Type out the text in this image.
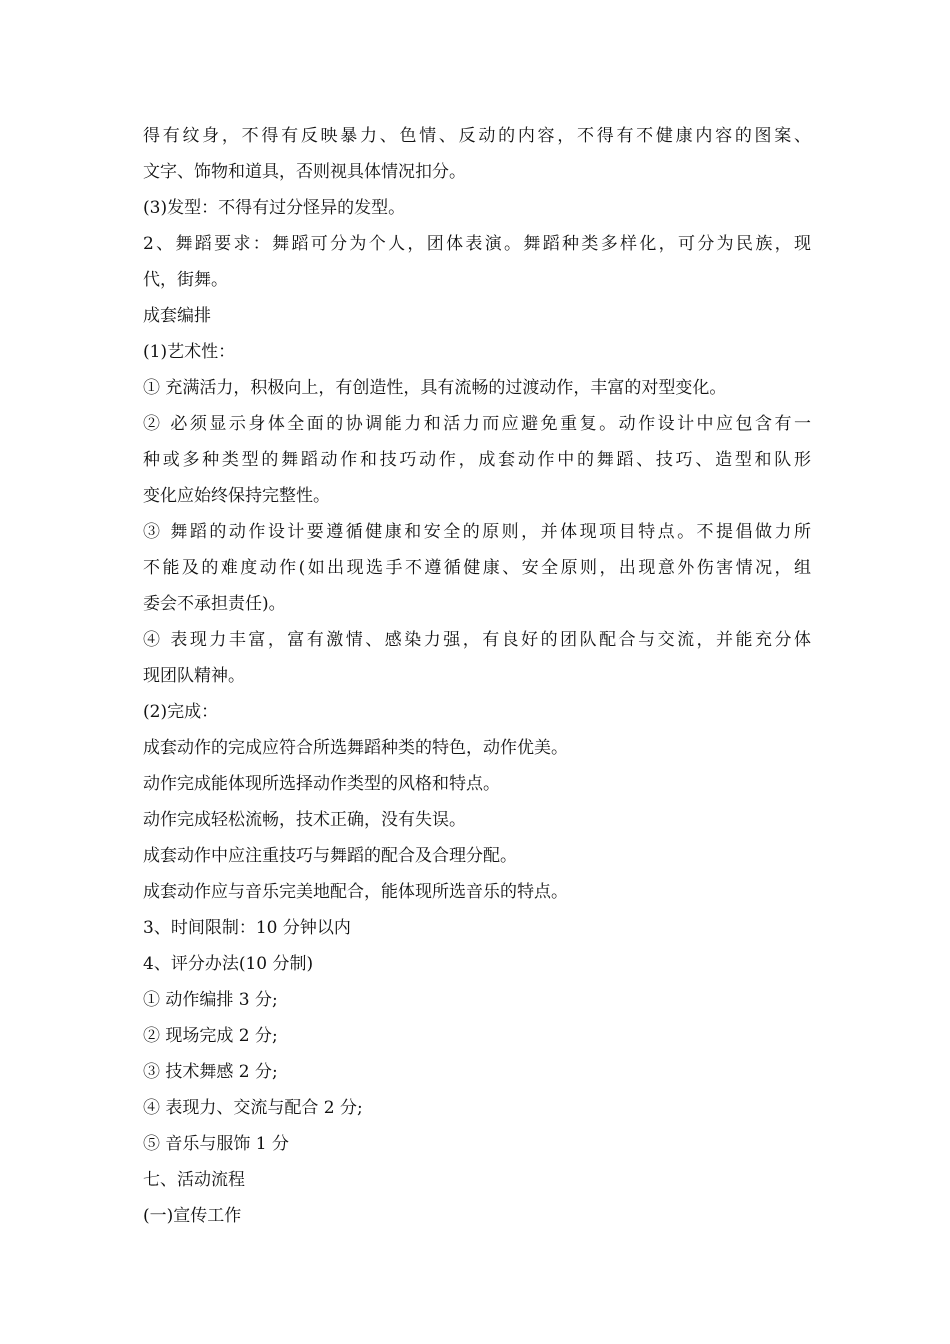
得有纹身，不得有反映暴力、色情、反动的内容，不得有不健康内容的图案、
文字、饰物和道具，否则视具体情况扣分。
(3)发型：不得有过分怪异的发型。
2、舞蹈要求：舞蹈可分为个人，团体表演。舞蹈种类多样化，可分为民族，现
代，街舞。
成套编排
(1)艺术性：
① 充满活力，积极向上，有创造性，具有流畅的过渡动作，丰富的对型变化。
② 必须显示身体全面的协调能力和活力而应避免重复。动作设计中应包含有一
种或多种类型的舞蹈动作和技巧动作，成套动作中的舞蹈、技巧、造型和队形
变化应始终保持完整性。
③ 舞蹈的动作设计要遵循健康和安全的原则，并体现项目特点。不提倡做力所
不能及的难度动作(如出现选手不遵循健康、安全原则，出现意外伤害情况，组
委会不承担责任)。
④ 表现力丰富，富有激情、感染力强，有良好的团队配合与交流，并能充分体
现团队精神。
(2)完成：
成套动作的完成应符合所选舞蹈种类的特色，动作优美。
动作完成能体现所选择动作类型的风格和特点。
动作完成轻松流畅，技术正确，没有失误。
成套动作中应注重技巧与舞蹈的配合及合理分配。
成套动作应与音乐完美地配合，能体现所选音乐的特点。
3、时间限制：10 分钟以内
4、评分办法(10 分制)
① 动作编排 3 分;
② 现场完成 2 分;
③ 技术舞感 2 分;
④ 表现力、交流与配合 2 分;
⑤ 音乐与服饰 1 分
七、活动流程
(一)宣传工作
